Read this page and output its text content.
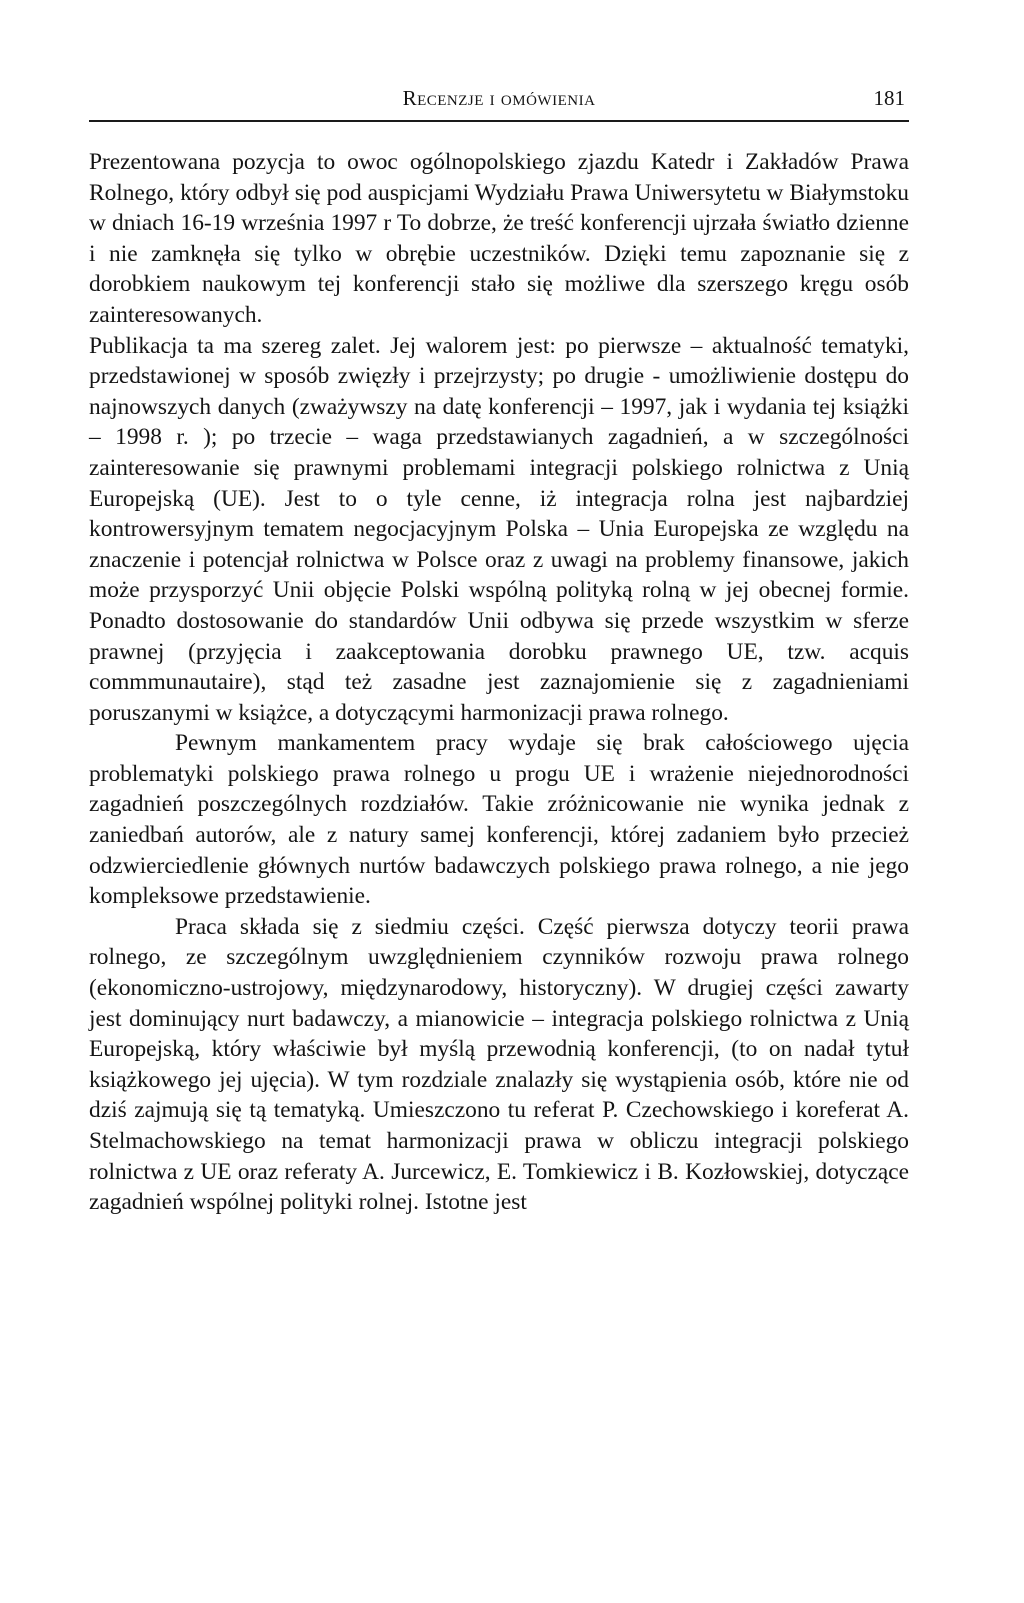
Recenzje i omówienia	181

Prezentowana pozycja to owoc ogólnopolskiego zjazdu Katedr i Zakładów Prawa Rolnego, który odbył się pod auspicjami Wydziału Prawa Uniwersytetu w Białymstoku w dniach 16-19 września 1997 r To dobrze, że treść konferencji ujrzała światło dzienne i nie zamknęła się tylko w obrębie uczestników. Dzięki temu zapoznanie się z dorobkiem naukowym tej konferencji stało się możliwe dla szerszego kręgu osób zainteresowanych.

Publikacja ta ma szereg zalet. Jej walorem jest: po pierwsze – aktualność tematyki, przedstawionej w sposób zwięzły i przejrzysty; po drugie - umożliwienie dostępu do najnowszych danych (zważywszy na datę konferencji – 1997, jak i wydania tej książki – 1998 r. ); po trzecie – waga przedstawianych zagadnień, a w szczególności zainteresowanie się prawnymi problemami integracji polskiego rolnictwa z Unią Europejską (UE). Jest to o tyle cenne, iż integracja rolna jest najbardziej kontrowersyjnym tematem negocjacyjnym Polska – Unia Europejska ze względu na znaczenie i potencjał rolnictwa w Polsce oraz z uwagi na problemy finansowe, jakich może przysporzyć Unii objęcie Polski wspólną polityką rolną w jej obecnej formie. Ponadto dostosowanie do standardów Unii odbywa się przede wszystkim w sferze prawnej (przyjęcia i zaakceptowania dorobku prawnego UE, tzw. acquis commmunautaire), stąd też zasadne jest zaznajomienie się z zagadnieniami poruszanymi w książce, a dotyczącymi harmonizacji prawa rolnego.

Pewnym mankamentem pracy wydaje się brak całościowego ujęcia problematyki polskiego prawa rolnego u progu UE i wrażenie niejednorodności zagadnień poszczególnych rozdziałów. Takie zróżnicowanie nie wynika jednak z zaniedbań autorów, ale z natury samej konferencji, której zadaniem było przecież odzwierciedlenie głównych nurtów badawczych polskiego prawa rolnego, a nie jego kompleksowe przedstawienie.

Praca składa się z siedmiu części. Część pierwsza dotyczy teorii prawa rolnego, ze szczególnym uwzględnieniem czynników rozwoju prawa rolnego (ekonomiczno-ustrojowy, międzynarodowy, historyczny). W drugiej części zawarty jest dominujący nurt badawczy, a mianowicie – integracja polskiego rolnictwa z Unią Europejską, który właściwie był myślą przewodnią konferencji, (to on nadał tytuł książkowego jej ujęcia). W tym rozdziale znalazły się wystąpienia osób, które nie od dziś zajmują się tą tematyką. Umieszczono tu referat P. Czechowskiego i koreferat A. Stelmachowskiego na temat harmonizacji prawa w obliczu integracji polskiego rolnictwa z UE oraz referaty A. Jurcewicz, E. Tomkiewicz i B. Kozłowskiej, dotyczące zagadnień wspólnej polityki rolnej. Istotne jest
